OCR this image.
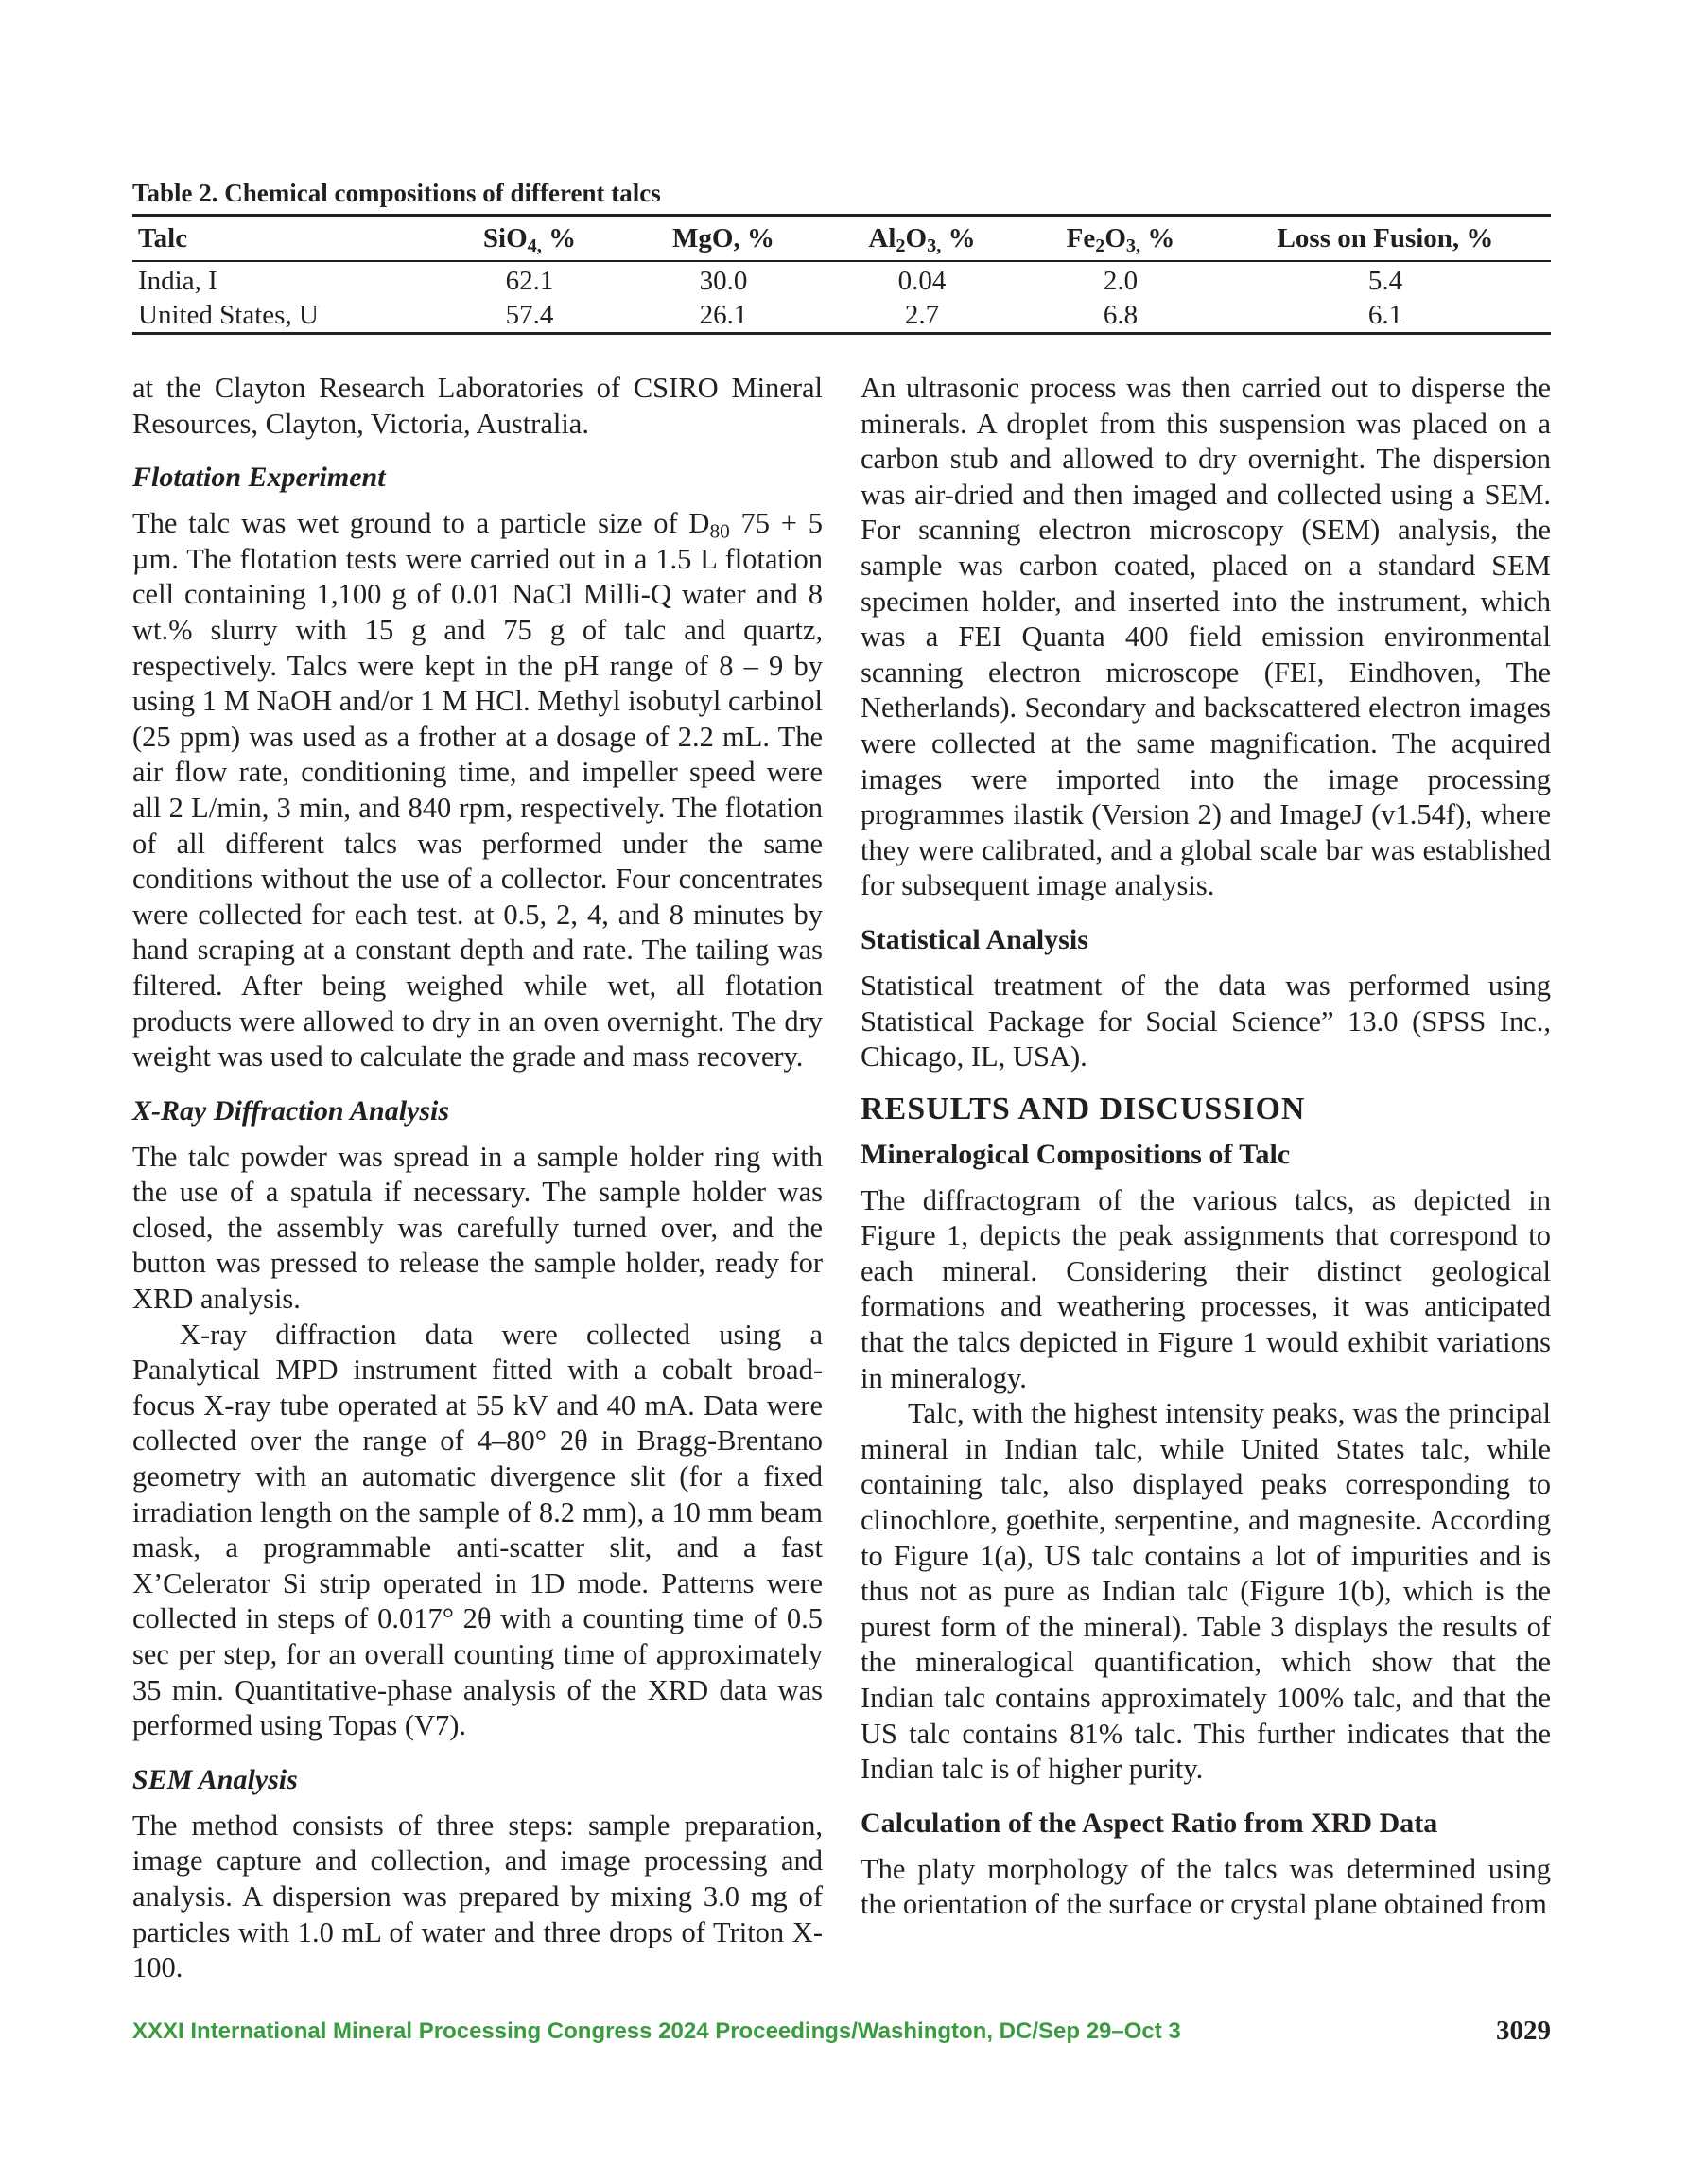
Table 2. Chemical compositions of different talcs
Talc	SiO$_{4,}$ %	MgO, %	$Al_2O_{3,}$ %	$Fe_2O_{3,}$ %	Loss on Fusion, %
India, I	62.1	30.0	0.04	2.0	5.4
United States, U	57.4	26.1	2.7	6.8	6.1

at the Clayton Research Laboratories of CSIRO Mineral Resources, Clayton, Victoria, Australia.

Flotation Experiment

The talc was wet ground to a particle size of $D_{80}$ 75 + 5 µm. The flotation tests were carried out in a 1.5 L flotation cell containing 1,100 g of 0.01 NaCl Milli-Q water and 8 wt.% slurry with 15 g and 75 g of talc and quartz, respectively. Talcs were kept in the pH range of 8 – 9 by using 1 M NaOH and/or 1 M HCl. Methyl isobutyl carbinol (25 ppm) was used as a frother at a dosage of 2.2 mL. The air flow rate, conditioning time, and impeller speed were all 2 L/min, 3 min, and 840 rpm, respectively. The flotation of all different talcs was performed under the same conditions without the use of a collector. Four concentrates were collected for each test. at 0.5, 2, 4, and 8 minutes by hand scraping at a constant depth and rate. The tailing was filtered. After being weighed while wet, all flotation products were allowed to dry in an oven overnight. The dry weight was used to calculate the grade and mass recovery.

X-Ray Diffraction Analysis

The talc powder was spread in a sample holder ring with the use of a spatula if necessary. The sample holder was closed, the assembly was carefully turned over, and the button was pressed to release the sample holder, ready for XRD analysis.

X-ray diffraction data were collected using a Panalytical MPD instrument fitted with a cobalt broad-focus X-ray tube operated at 55 kV and 40 mA. Data were collected over the range of 4–80° 2θ in Bragg-Brentano geometry with an automatic divergence slit (for a fixed irradiation length on the sample of 8.2 mm), a 10 mm beam mask, a programmable anti-scatter slit, and a fast X’Celerator Si strip operated in 1D mode. Patterns were collected in steps of 0.017° 2θ with a counting time of 0.5 sec per step, for an overall counting time of approximately 35 min. Quantitative-phase analysis of the XRD data was performed using Topas (V7).

SEM Analysis

The method consists of three steps: sample preparation, image capture and collection, and image processing and analysis. A dispersion was prepared by mixing 3.0 mg of particles with 1.0 mL of water and three drops of Triton X-100.

An ultrasonic process was then carried out to disperse the minerals. A droplet from this suspension was placed on a carbon stub and allowed to dry overnight. The dispersion was air-dried and then imaged and collected using a SEM. For scanning electron microscopy (SEM) analysis, the sample was carbon coated, placed on a standard SEM specimen holder, and inserted into the instrument, which was a FEI Quanta 400 field emission environmental scanning electron microscope (FEI, Eindhoven, The Netherlands). Secondary and backscattered electron images were collected at the same magnification. The acquired images were imported into the image processing programmes ilastik (Version 2) and ImageJ (v1.54f), where they were calibrated, and a global scale bar was established for subsequent image analysis.

Statistical Analysis

Statistical treatment of the data was performed using Statistical Package for Social Science” 13.0 (SPSS Inc., Chicago, IL, USA).

RESULTS AND DISCUSSION
Mineralogical Compositions of Talc

The diffractogram of the various talcs, as depicted in Figure 1, depicts the peak assignments that correspond to each mineral. Considering their distinct geological formations and weathering processes, it was anticipated that the talcs depicted in Figure 1 would exhibit variations in mineralogy.

Talc, with the highest intensity peaks, was the principal mineral in Indian talc, while United States talc, while containing talc, also displayed peaks corresponding to clinochlore, goethite, serpentine, and magnesite. According to Figure 1(a), US talc contains a lot of impurities and is thus not as pure as Indian talc (Figure 1(b), which is the purest form of the mineral). Table 3 displays the results of the mineralogical quantification, which show that the Indian talc contains approximately 100% talc, and that the US talc contains 81% talc. This further indicates that the Indian talc is of higher purity.

Calculation of the Aspect Ratio from XRD Data

The platy morphology of the talcs was determined using the orientation of the surface or crystal plane obtained from

XXXI International Mineral Processing Congress 2024 Proceedings/Washington, DC/Sep 29–Oct 3	3029
